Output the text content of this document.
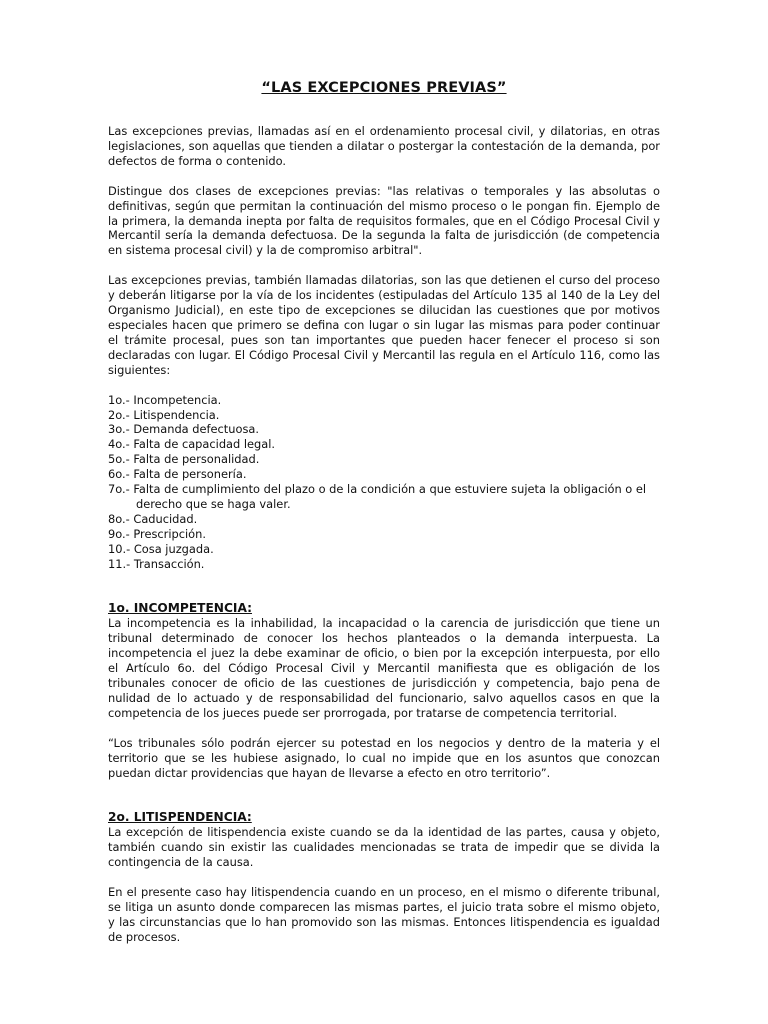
“LAS EXCEPCIONES PREVIAS”

Las excepciones previas, llamadas así en el ordenamiento procesal civil, y dilatorias, en otras legislaciones, son aquellas que tienden a dilatar o postergar la contestación de la demanda, por defectos de forma o contenido.

Distingue dos clases de excepciones previas: "las relativas o temporales y las absolutas o definitivas, según que permitan la continuación del mismo proceso o le pongan fin. Ejemplo de la primera, la demanda inepta por falta de requisitos formales, que en el Código Procesal Civil y Mercantil sería la demanda defectuosa. De la segunda la falta de jurisdicción (de competencia en sistema procesal civil) y la de compromiso arbitral".

Las excepciones previas, también llamadas dilatorias, son las que detienen el curso del proceso y deberán litigarse por la vía de los incidentes (estipuladas del Artículo 135 al 140 de la Ley del Organismo Judicial), en este tipo de excepciones se dilucidan las cuestiones que por motivos especiales hacen que primero se defina con lugar o sin lugar las mismas para poder continuar el trámite procesal, pues son tan importantes que pueden hacer fenecer el proceso si son declaradas con lugar. El Código Procesal Civil y Mercantil las regula en el Artículo 116, como las siguientes:

1o.- Incompetencia.
2o.- Litispendencia.
3o.- Demanda defectuosa.
4o.- Falta de capacidad legal.
5o.- Falta de personalidad.
6o.- Falta de personería.
7o.- Falta de cumplimiento del plazo o de la condición a que estuviere sujeta la obligación o el derecho que se haga valer.
8o.- Caducidad.
9o.- Prescripción.
10.- Cosa juzgada.
11.- Transacción.
1o. INCOMPETENCIA:

La incompetencia es la inhabilidad, la incapacidad o la carencia de jurisdicción que tiene un tribunal determinado de conocer los hechos planteados o la demanda interpuesta. La incompetencia el juez la debe examinar de oficio, o bien por la excepción interpuesta, por ello el Artículo 6o. del Código Procesal Civil y Mercantil manifiesta que es obligación de los tribunales conocer de oficio de las cuestiones de jurisdicción y competencia, bajo pena de nulidad de lo actuado y de responsabilidad del funcionario, salvo aquellos casos en que la competencia de los jueces puede ser prorrogada, por tratarse de competencia territorial.

“Los tribunales sólo podrán ejercer su potestad en los negocios y dentro de la materia y el territorio que se les hubiese asignado, lo cual no impide que en los asuntos que conozcan puedan dictar providencias que hayan de llevarse a efecto en otro territorio”.

2o. LITISPENDENCIA:

La excepción de litispendencia existe cuando se da la identidad de las partes, causa y objeto, también cuando sin existir las cualidades mencionadas se trata de impedir que se divida la contingencia de la causa.

En el presente caso hay litispendencia cuando en un proceso, en el mismo o diferente tribunal, se litiga un asunto donde comparecen las mismas partes, el juicio trata sobre el mismo objeto, y las circunstancias que lo han promovido son las mismas. Entonces litispendencia es igualdad de procesos.
